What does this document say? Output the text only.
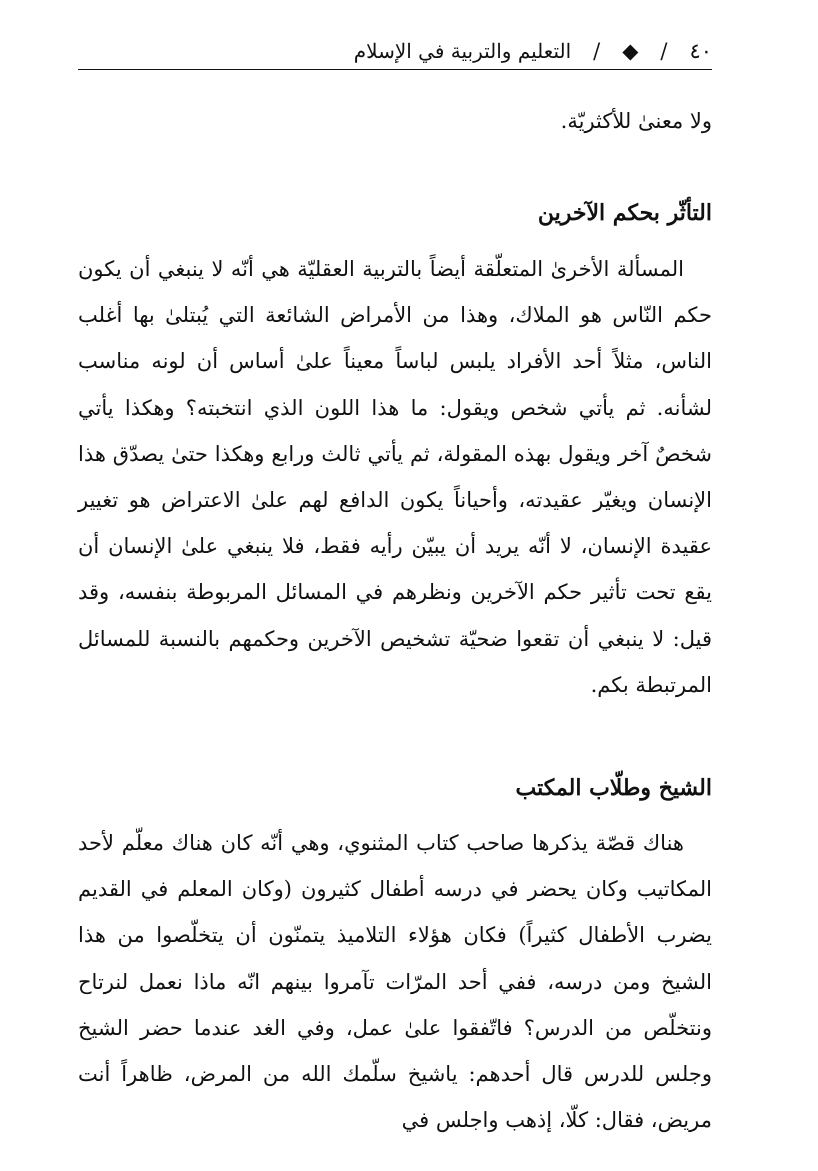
٤٠
/
◆
/
التعليم والتربية في الإسلام

ولا معنىٰ للأكثريّة.

التأثّر بحكم الآخرين

المسألة الأخرىٰ المتعلّقة أيضاً بالتربية العقليّة هي أنّه لا ينبغي أن يكون حكم النّاس هو الملاك، وهذا من الأمراض الشائعة التي يُبتلىٰ بها أغلب الناس، مثلاً أحد الأفراد يلبس لباساً معيناً علىٰ أساس أن لونه مناسب لشأنه. ثم يأتي شخص ويقول: ما هذا اللون الذي انتخبته؟ وهكذا يأتي شخصٌ آخر ويقول بهذه المقولة، ثم يأتي ثالث ورابع وهكذا حتىٰ يصدّق هذا الإنسان ويغيّر عقيدته، وأحياناً يكون الدافع لهم علىٰ الاعتراض هو تغيير عقيدة الإنسان، لا أنّه يريد أن يبيّن رأيه فقط، فلا ينبغي علىٰ الإنسان أن يقع تحت تأثير حكم الآخرين ونظرهم في المسائل المربوطة بنفسه، وقد قيل: لا ينبغي أن تقعوا ضحيّة تشخيص الآخرين وحكمهم بالنسبة للمسائل المرتبطة بكم.

الشيخ وطلّاب المكتب

هناك قصّة يذكرها صاحب كتاب المثنوي، وهي أنّه كان هناك معلّم لأحد المكاتيب وكان يحضر في درسه أطفال كثيرون (وكان المعلم في القديم يضرب الأطفال كثيراً) فكان هؤلاء التلاميذ يتمنّون أن يتخلّصوا من هذا الشيخ ومن درسه، ففي أحد المرّات تآمروا بينهم انّه ماذا نعمل لنرتاح ونتخلّص من الدرس؟ فاتّفقوا علىٰ عمل، وفي الغد عندما حضر الشيخ وجلس للدرس قال أحدهم: ياشيخ سلّمك الله من المرض، ظاهراً أنت مريض، فقال: كلّا، إذهب واجلس في
